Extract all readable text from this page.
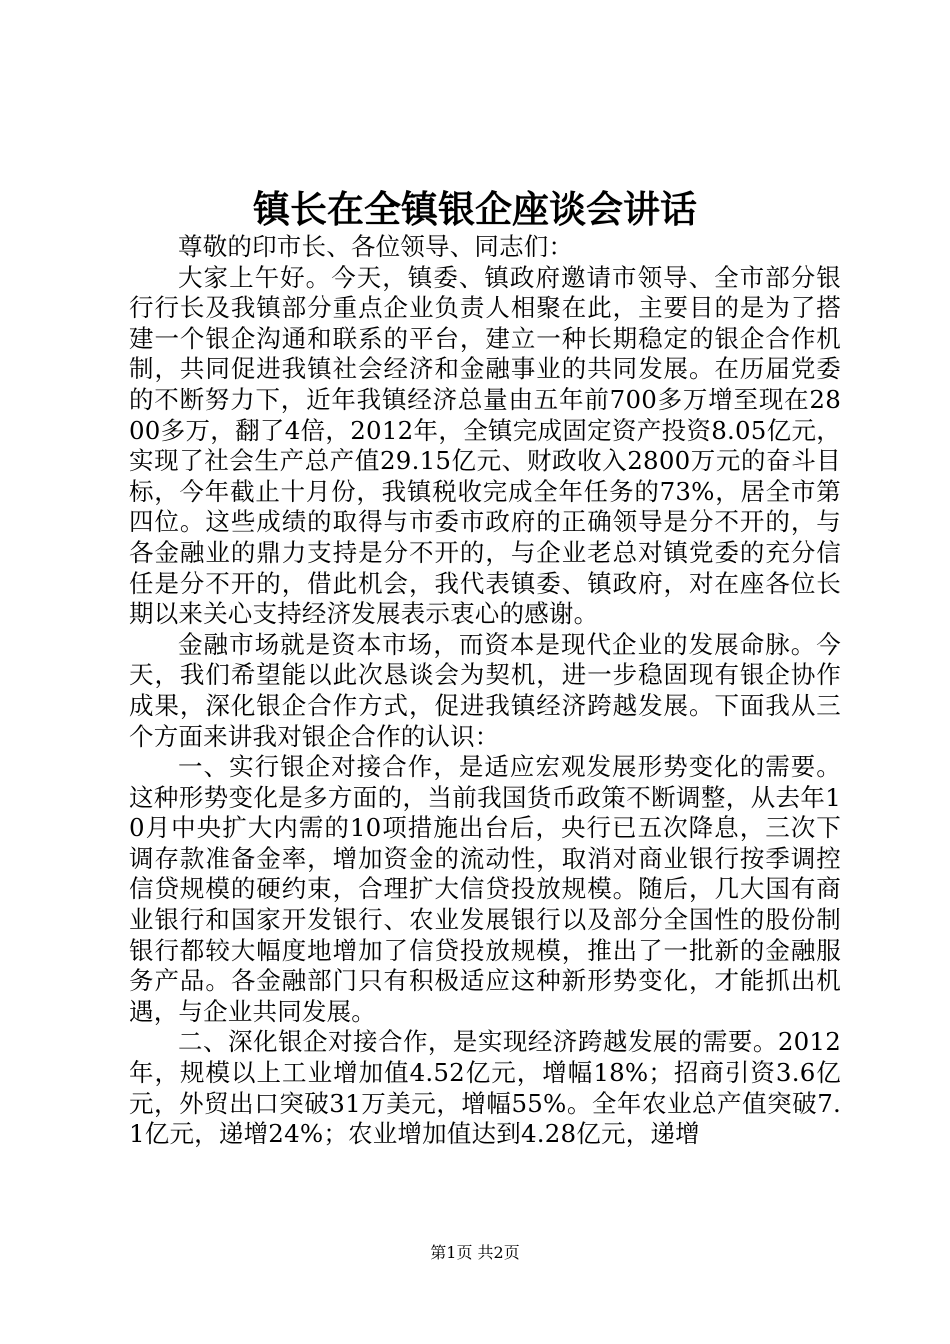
镇长在全镇银企座谈会讲话

尊敬的印市长、各位领导、同志们：

大家上午好。今天，镇委、镇政府邀请市领导、全市部分银行行长及我镇部分重点企业负责人相聚在此，主要目的是为了搭建一个银企沟通和联系的平台，建立一种长期稳定的银企合作机制，共同促进我镇社会经济和金融事业的共同发展。在历届党委的不断努力下，近年我镇经济总量由五年前700多万增至现在2800多万，翻了4倍，2012年，全镇完成固定资产投资8.05亿元，实现了社会生产总产值29.15亿元、财政收入2800万元的奋斗目标，今年截止十月份，我镇税收完成全年任务的73%，居全市第四位。这些成绩的取得与市委市政府的正确领导是分不开的，与各金融业的鼎力支持是分不开的，与企业老总对镇党委的充分信任是分不开的，借此机会，我代表镇委、镇政府，对在座各位长期以来关心支持经济发展表示衷心的感谢。

金融市场就是资本市场，而资本是现代企业的发展命脉。今天，我们希望能以此次恳谈会为契机，进一步稳固现有银企协作成果，深化银企合作方式，促进我镇经济跨越发展。下面我从三个方面来讲我对银企合作的认识：

一、实行银企对接合作，是适应宏观发展形势变化的需要。这种形势变化是多方面的，当前我国货币政策不断调整，从去年10月中央扩大内需的10项措施出台后，央行已五次降息，三次下调存款准备金率，增加资金的流动性，取消对商业银行按季调控信贷规模的硬约束，合理扩大信贷投放规模。随后，几大国有商业银行和国家开发银行、农业发展银行以及部分全国性的股份制银行都较大幅度地增加了信贷投放规模，推出了一批新的金融服务产品。各金融部门只有积极适应这种新形势变化，才能抓出机遇，与企业共同发展。

二、深化银企对接合作，是实现经济跨越发展的需要。2012年，规模以上工业增加值4.52亿元，增幅18%；招商引资3.6亿元，外贸出口突破31万美元，增幅55%。全年农业总产值突破7.1亿元，递增24%；农业增加值达到4.28亿元，递增

第1页 共2页
